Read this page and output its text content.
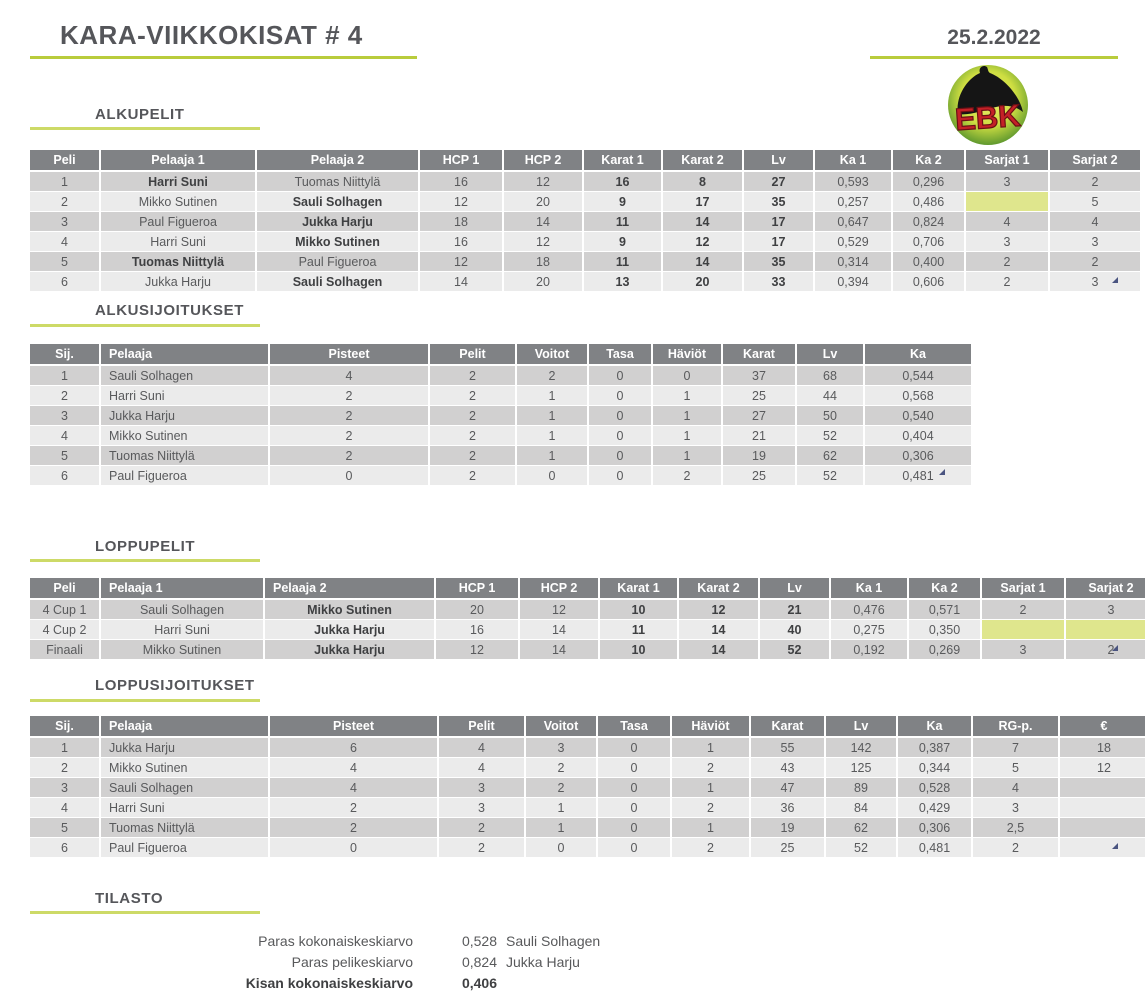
KARA-VIIKKOKISAT # 4	25.2.2022
EBK
ALKUPELIT
Peli	Pelaaja 1	Pelaaja 2	HCP 1	HCP 2	Karat 1	Karat 2	Lv	Ka 1	Ka 2	Sarjat 1	Sarjat 2
1	Harri Suni	Tuomas Niittylä	16	12	16	8	27	0,593	0,296	3	2
2	Mikko Sutinen	Sauli Solhagen	12	20	9	17	35	0,257	0,486		5
3	Paul Figueroa	Jukka Harju	18	14	11	14	17	0,647	0,824	4	4
4	Harri Suni	Mikko Sutinen	16	12	9	12	17	0,529	0,706	3	3
5	Tuomas Niittylä	Paul Figueroa	12	18	11	14	35	0,314	0,400	2	2
6	Jukka Harju	Sauli Solhagen	14	20	13	20	33	0,394	0,606	2	3
ALKUSIJOITUKSET
Sij.	Pelaaja	Pisteet	Pelit	Voitot	Tasa	Häviöt	Karat	Lv	Ka
1	Sauli Solhagen	4	2	2	0	0	37	68	0,544
2	Harri Suni	2	2	1	0	1	25	44	0,568
3	Jukka Harju	2	2	1	0	1	27	50	0,540
4	Mikko Sutinen	2	2	1	0	1	21	52	0,404
5	Tuomas Niittylä	2	2	1	0	1	19	62	0,306
6	Paul Figueroa	0	2	0	0	2	25	52	0,481
LOPPUPELIT
Peli	Pelaaja 1	Pelaaja 2	HCP 1	HCP 2	Karat 1	Karat 2	Lv	Ka 1	Ka 2	Sarjat 1	Sarjat 2
4 Cup 1	Sauli Solhagen	Mikko Sutinen	20	12	10	12	21	0,476	0,571	2	3
4 Cup 2	Harri Suni	Jukka Harju	16	14	11	14	40	0,275	0,350		
Finaali	Mikko Sutinen	Jukka Harju	12	14	10	14	52	0,192	0,269	3	2
LOPPUSIJOITUKSET
Sij.	Pelaaja	Pisteet	Pelit	Voitot	Tasa	Häviöt	Karat	Lv	Ka	RG-p.	€
1	Jukka Harju	6	4	3	0	1	55	142	0,387	7	18
2	Mikko Sutinen	4	4	2	0	2	43	125	0,344	5	12
3	Sauli Solhagen	4	3	2	0	1	47	89	0,528	4	
4	Harri Suni	2	3	1	0	2	36	84	0,429	3	
5	Tuomas Niittylä	2	2	1	0	1	19	62	0,306	2,5	
6	Paul Figueroa	0	2	0	0	2	25	52	0,481	2	
TILASTO
Paras kokonaiskeskiarvo	0,528 Sauli Solhagen
Paras pelikeskiarvo	0,824 Jukka Harju
Kisan kokonaiskeskiarvo	0,406
